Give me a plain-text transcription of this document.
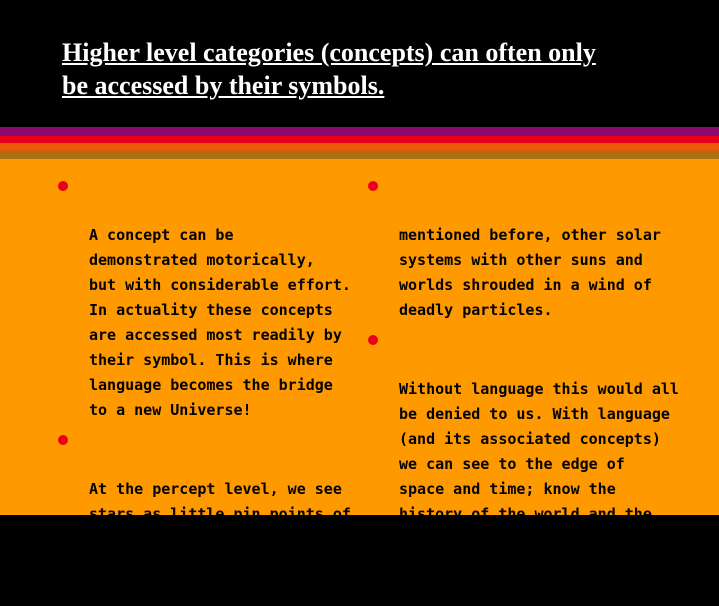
Higher level categories (concepts) can often only
be accessed by their symbols.

A concept can be
demonstrated motorically,
but with considerable effort.
In actuality these concepts
are accessed most readily by
their symbol. This is where
language becomes the bridge
to a new Universe!

At the percept level, we see
stars as little pin points of
light, some blue, some red
and some white. At the
concept level we see, as I

mentioned before, other solar
systems with other suns and
worlds shrouded in a wind of
deadly particles.

Without language this would all
be denied to us. With language
(and its associated concepts)
we can see to the edge of
space and time; know the
history of the world and the
Universe and foresee the
future for billions of years to
come.
